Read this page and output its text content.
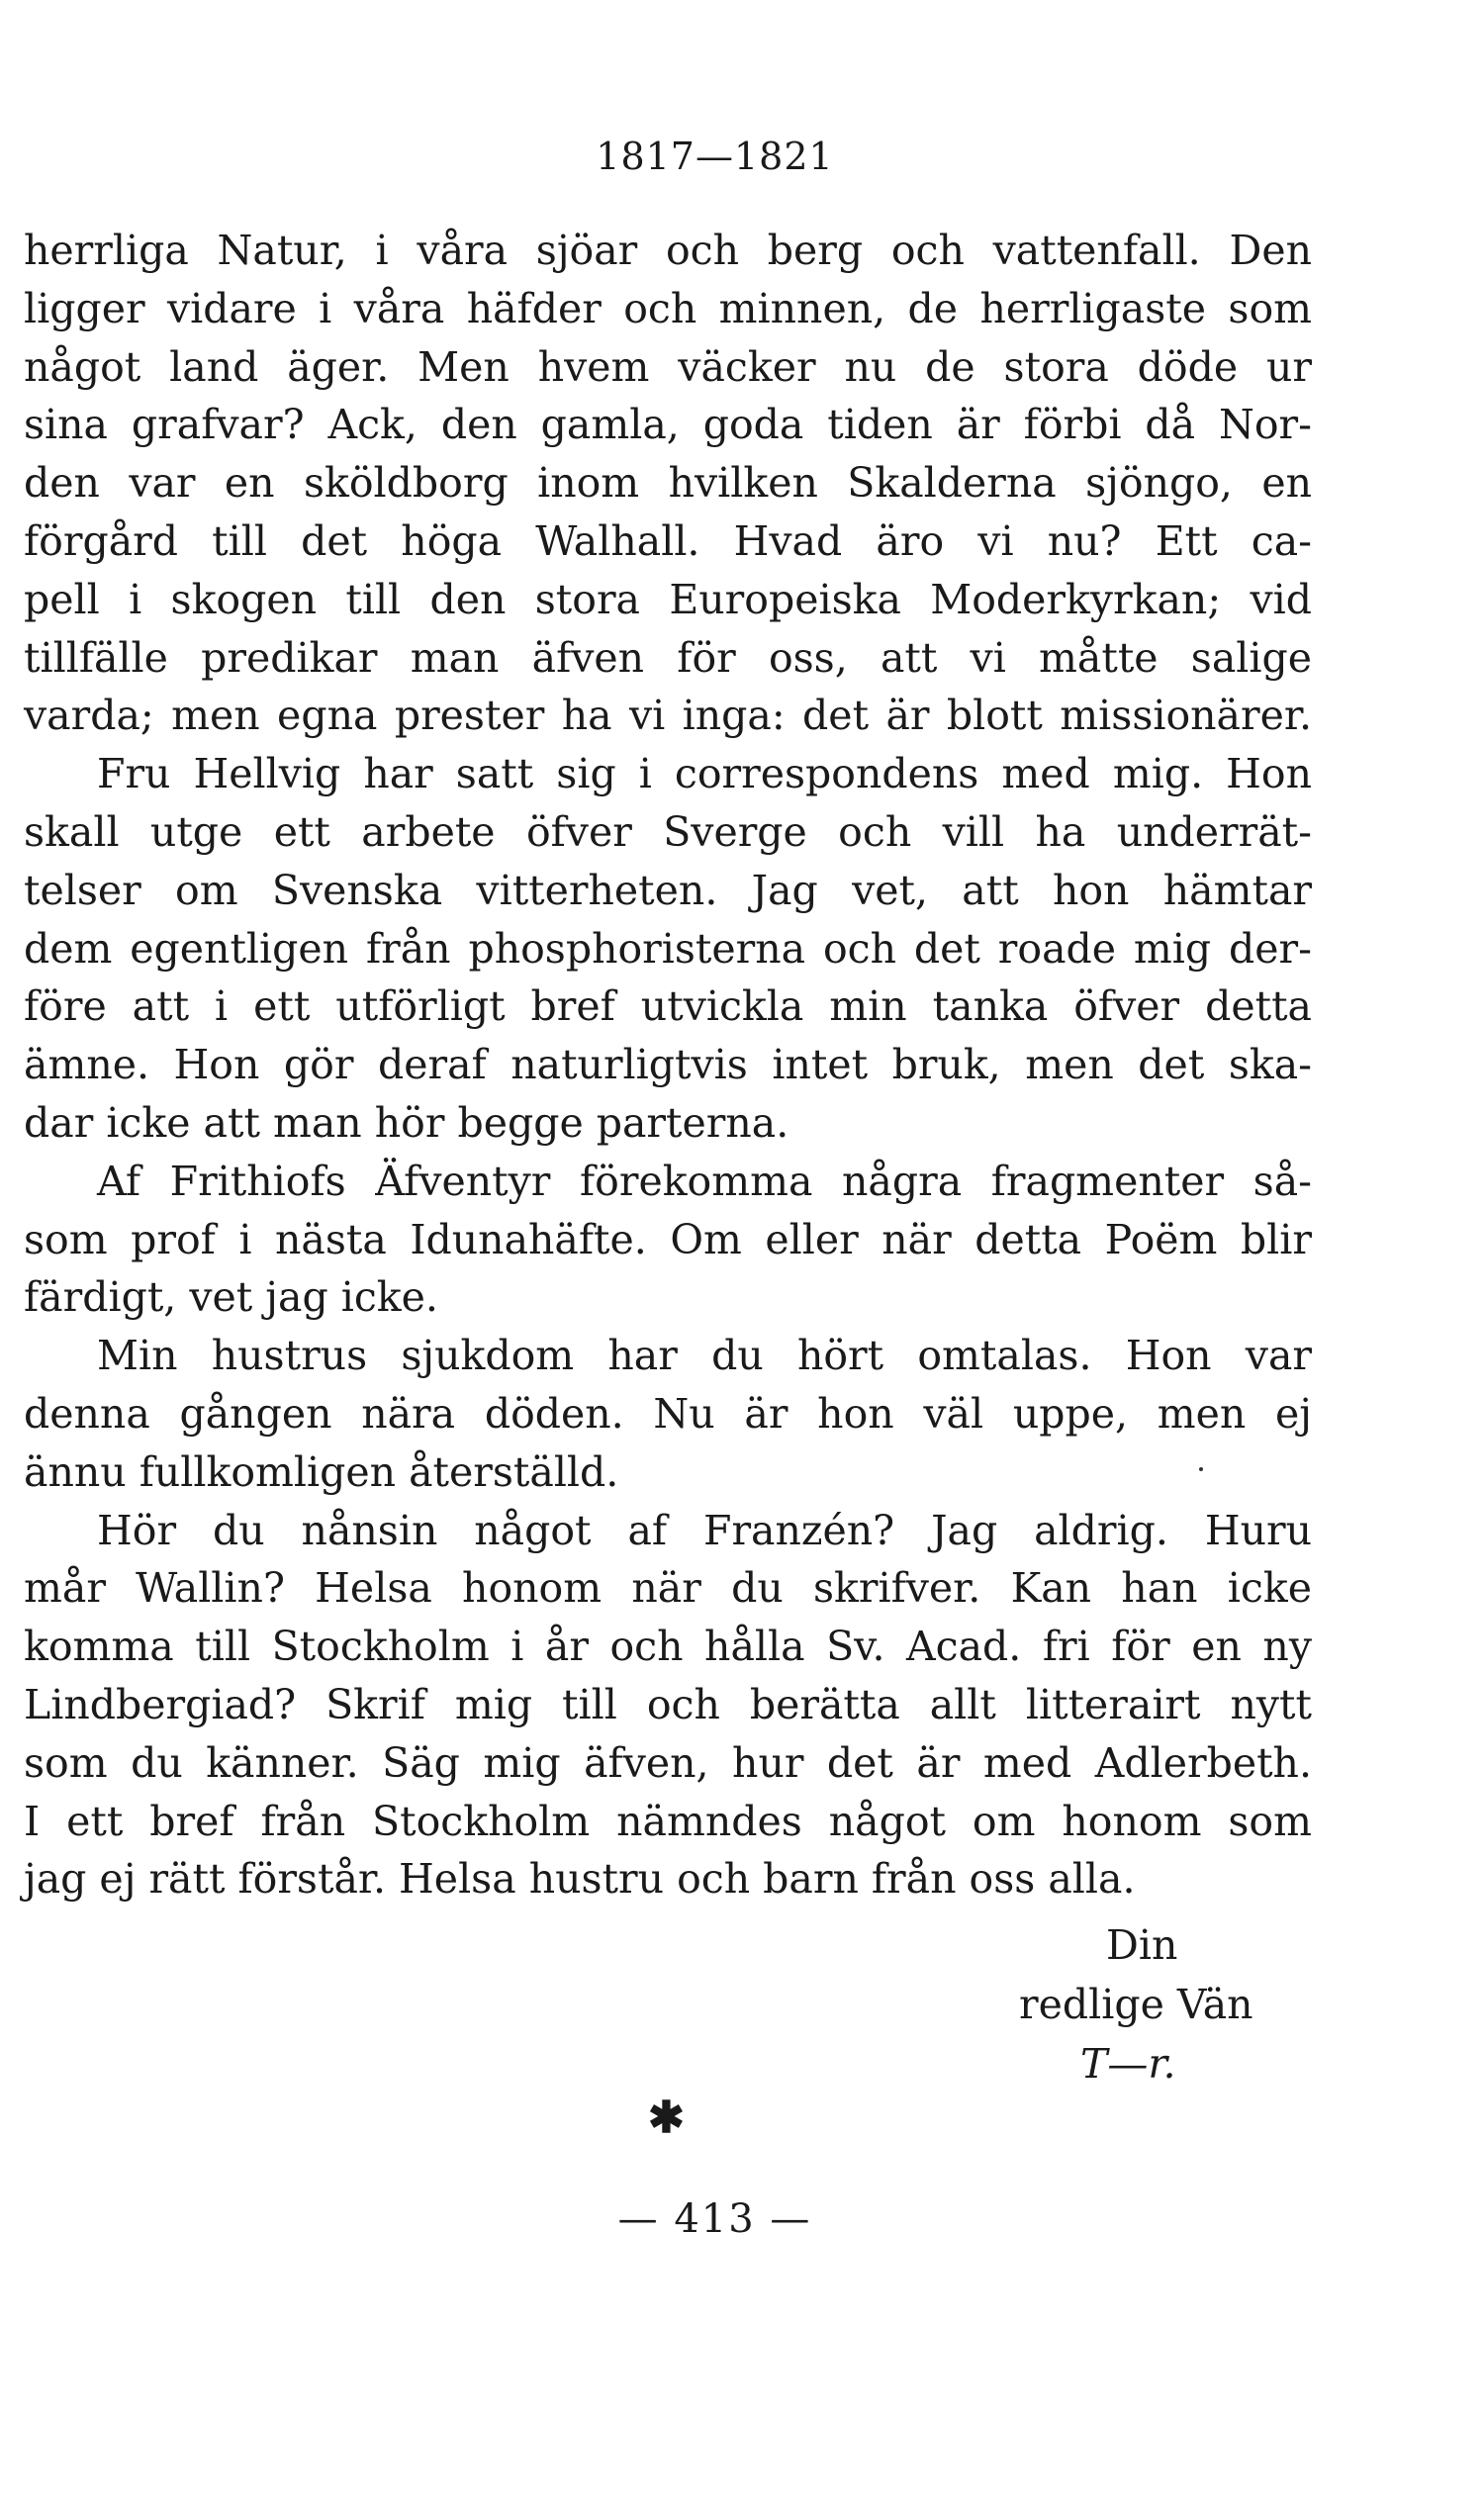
1817—1821
herrliga Natur, i våra sjöar och berg och vattenfall. Den
ligger vidare i våra häfder och minnen, de herrligaste som
något land äger. Men hvem väcker nu de stora döde ur
sina grafvar? Ack, den gamla, goda tiden är förbi då Nor-
den var en sköldborg inom hvilken Skalderna sjöngo, en
förgård till det höga Walhall. Hvad äro vi nu? Ett ca-
pell i skogen till den stora Europeiska Moderkyrkan; vid
tillfälle predikar man äfven för oss, att vi måtte salige
varda; men egna prester ha vi inga: det är blott missionärer.
Fru Hellvig har satt sig i correspondens med mig. Hon
skall utge ett arbete öfver Sverge och vill ha underrät-
telser om Svenska vitterheten. Jag vet, att hon hämtar
dem egentligen från phosphoristerna och det roade mig der-
före att i ett utförligt bref utvickla min tanka öfver detta
ämne. Hon gör deraf naturligtvis intet bruk, men det ska-
dar icke att man hör begge parterna.
Af Frithiofs Äfventyr förekomma några fragmenter så-
som prof i nästa Idunahäfte. Om eller när detta Poëm blir
färdigt, vet jag icke.
Min hustrus sjukdom har du hört omtalas. Hon var
denna gången nära döden. Nu är hon väl uppe, men ej
ännu fullkomligen återställd.
Hör du nånsin något af Franzén? Jag aldrig. Huru
mår Wallin? Helsa honom när du skrifver. Kan han icke
komma till Stockholm i år och hålla Sv. Acad. fri för en ny
Lindbergiad? Skrif mig till och berätta allt litterairt nytt
som du känner. Säg mig äfven, hur det är med Adlerbeth.
I ett bref från Stockholm nämndes något om honom som
jag ej rätt förstår. Helsa hustru och barn från oss alla.
Din
redlige Vän
T—r.
✱
— 413 —
